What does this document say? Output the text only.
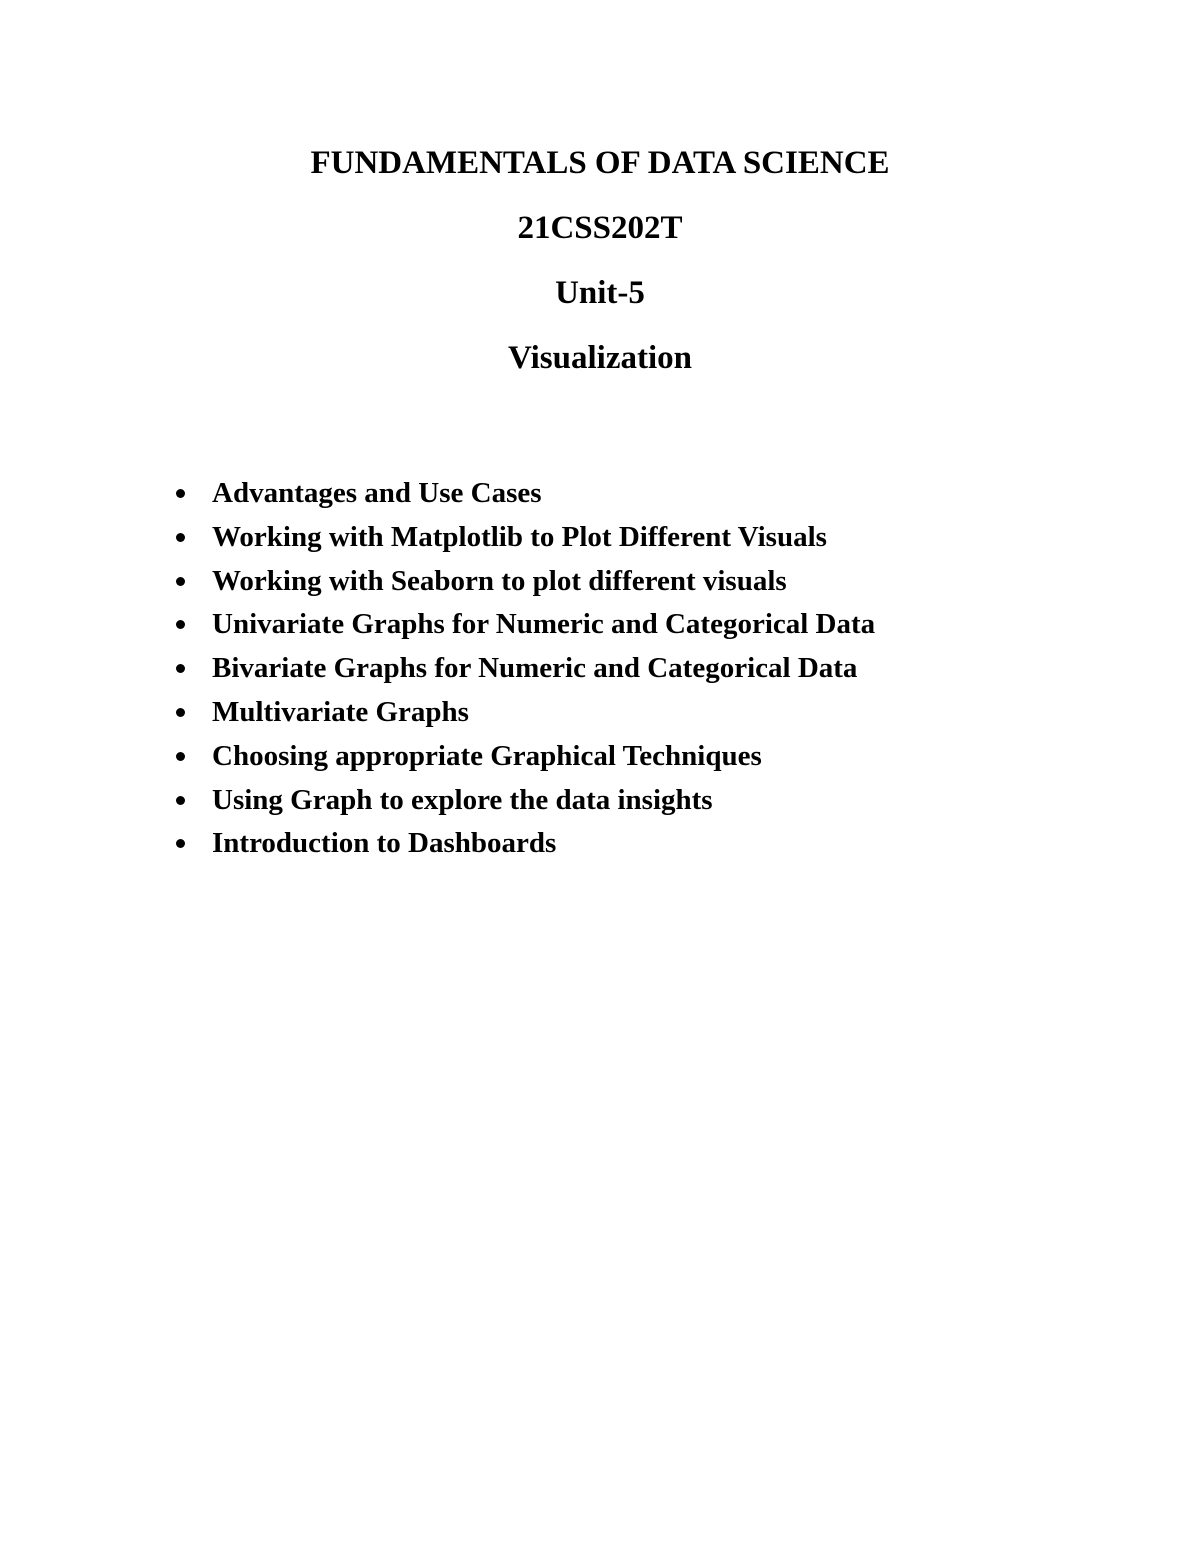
FUNDAMENTALS OF DATA SCIENCE
21CSS202T
Unit-5
Visualization
Advantages and Use Cases
Working with Matplotlib to Plot Different Visuals
Working with Seaborn to plot different visuals
Univariate Graphs for Numeric and Categorical Data
Bivariate Graphs for Numeric and Categorical Data
Multivariate Graphs
Choosing appropriate Graphical Techniques
Using Graph to explore the data insights
Introduction to Dashboards
